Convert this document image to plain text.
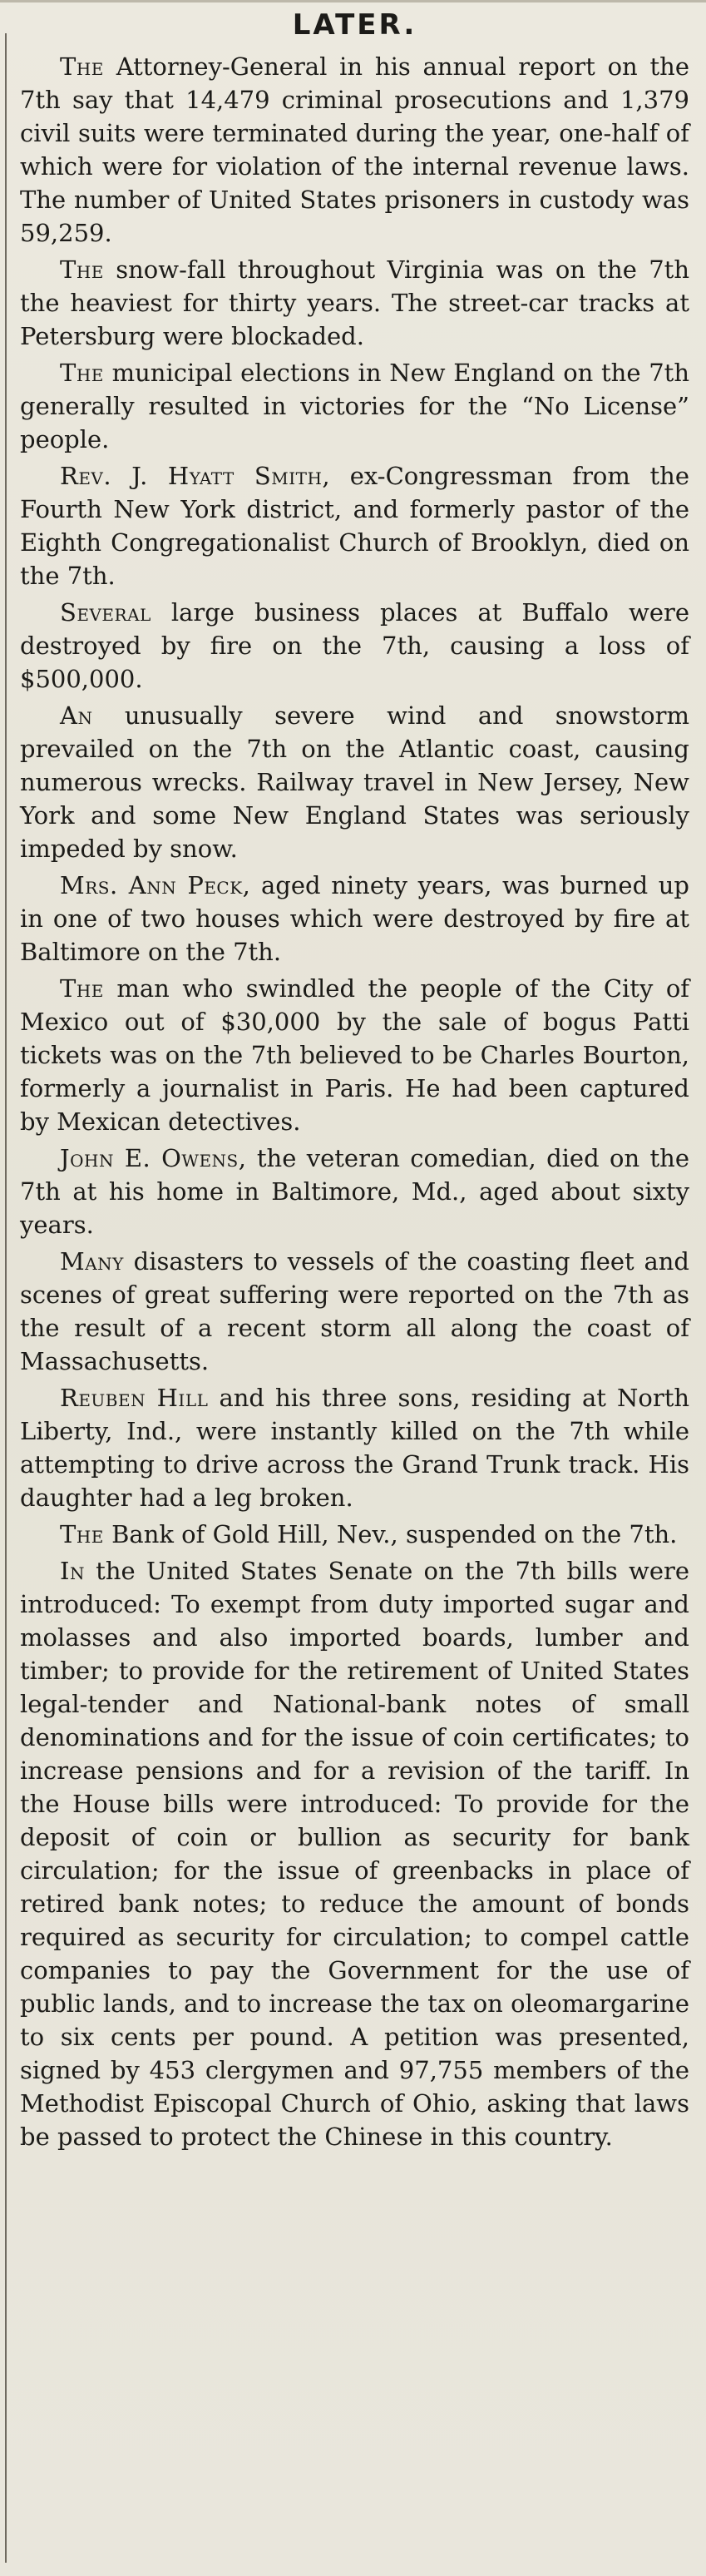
LATER.

The Attorney-General in his annual report on the 7th say that 14,479 criminal prosecutions and 1,379 civil suits were terminated during the year, one-half of which were for violation of the internal revenue laws. The number of United States prisoners in custody was 59,259.

The snow-fall throughout Virginia was on the 7th the heaviest for thirty years. The street-car tracks at Petersburg were blockaded.

The municipal elections in New England on the 7th generally resulted in victories for the “No License” people.

Rev. J. Hyatt Smith, ex-Congressman from the Fourth New York district, and formerly pastor of the Eighth Congregationalist Church of Brooklyn, died on the 7th.

Several large business places at Buffalo were destroyed by fire on the 7th, causing a loss of $500,000.

An unusually severe wind and snowstorm prevailed on the 7th on the Atlantic coast, causing numerous wrecks. Railway travel in New Jersey, New York and some New England States was seriously impeded by snow.

Mrs. Ann Peck, aged ninety years, was burned up in one of two houses which were destroyed by fire at Baltimore on the 7th.

The man who swindled the people of the City of Mexico out of $30,000 by the sale of bogus Patti tickets was on the 7th believed to be Charles Bourton, formerly a journalist in Paris. He had been captured by Mexican detectives.

John E. Owens, the veteran comedian, died on the 7th at his home in Baltimore, Md., aged about sixty years.

Many disasters to vessels of the coasting fleet and scenes of great suffering were reported on the 7th as the result of a recent storm all along the coast of Massachusetts.

Reuben Hill and his three sons, residing at North Liberty, Ind., were instantly killed on the 7th while attempting to drive across the Grand Trunk track. His daughter had a leg broken.

The Bank of Gold Hill, Nev., suspended on the 7th.

In the United States Senate on the 7th bills were introduced: To exempt from duty imported sugar and molasses and also imported boards, lumber and timber; to provide for the retirement of United States legal-tender and National-bank notes of small denominations and for the issue of coin certificates; to increase pensions and for a revision of the tariff. In the House bills were introduced: To provide for the deposit of coin or bullion as security for bank circulation; for the issue of greenbacks in place of retired bank notes; to reduce the amount of bonds required as security for circulation; to compel cattle companies to pay the Government for the use of public lands, and to increase the tax on oleomargarine to six cents per pound. A petition was presented, signed by 453 clergymen and 97,755 members of the Methodist Episcopal Church of Ohio, asking that laws be passed to protect the Chinese in this country.
